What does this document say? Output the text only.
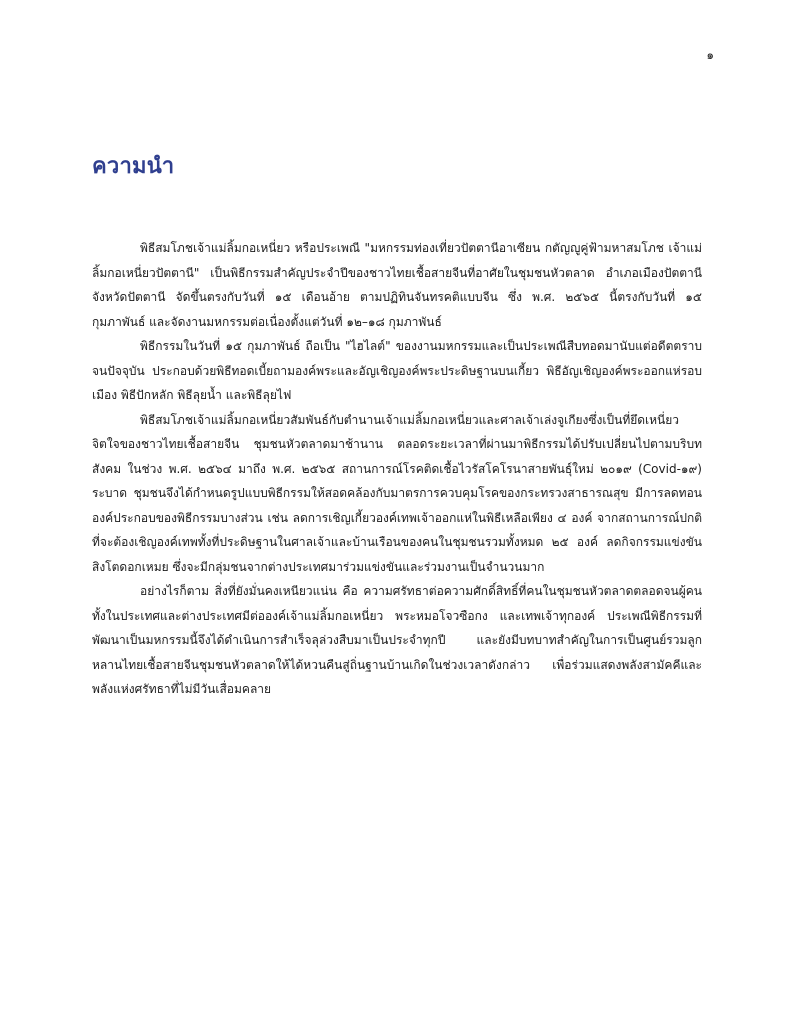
๑
ความนำ

พิธีสมโภชเจ้าแม่ลิ้มกอเหนี่ยว หรือประเพณี "มหกรรมท่องเที่ยวปัตตานีอาเซียน กตัญญูคู่ฟ้ามหาสมโภช เจ้าแม่ลิ้มกอเหนี่ยวปัตตานี" เป็นพิธีกรรมสำคัญประจำปีของชาวไทยเชื้อสายจีนที่อาศัยในชุมชนหัวตลาด อำเภอเมืองปัตตานี จังหวัดปัตตานี จัดขึ้นตรงกับวันที่ ๑๕ เดือนอ้าย ตามปฏิทินจันทรคติแบบจีน ซึ่ง พ.ศ. ๒๕๖๕ นี้ตรงกับวันที่ ๑๕ กุมภาพันธ์ และจัดงานมหกรรมต่อเนื่องตั้งแต่วันที่ ๑๒–๑๘ กุมภาพันธ์

พิธีกรรมในวันที่ ๑๕ กุมภาพันธ์ ถือเป็น "ไฮไลต์" ของงานมหกรรมและเป็นประเพณีสืบทอดมานับแต่อดีตตราบจนปัจจุบัน ประกอบด้วยพิธีทอดเบี้ยถามองค์พระและอัญเชิญองค์พระประดิษฐานบนเกี้ยว พิธีอัญเชิญองค์พระออกแห่รอบเมือง พิธีปักหลัก พิธีลุยน้ำ และพิธีลุยไฟ

พิธีสมโภชเจ้าแม่ลิ้มกอเหนี่ยวสัมพันธ์กับตำนานเจ้าแม่ลิ้มกอเหนี่ยวและศาลเจ้าเล่งจูเกียงซึ่งเป็นที่ยึดเหนี่ยวจิตใจของชาวไทยเชื้อสายจีน ชุมชนหัวตลาดมาช้านาน ตลอดระยะเวลาที่ผ่านมาพิธีกรรมได้ปรับเปลี่ยนไปตามบริบทสังคม ในช่วง พ.ศ. ๒๕๖๔ มาถึง พ.ศ. ๒๕๖๕ สถานการณ์โรคติดเชื้อไวรัสโคโรนาสายพันธุ์ใหม่ ๒๐๑๙ (Covid-๑๙) ระบาด ชุมชนจึงได้กำหนดรูปแบบพิธีกรรมให้สอดคล้องกับมาตรการควบคุมโรคของกระทรวงสาธารณสุข มีการลดทอนองค์ประกอบของพิธีกรรมบางส่วน เช่น ลดการเชิญเกี้ยวองค์เทพเจ้าออกแห่ในพิธีเหลือเพียง ๔ องค์ จากสถานการณ์ปกติที่จะต้องเชิญองค์เทพทั้งที่ประดิษฐานในศาลเจ้าและบ้านเรือนของคนในชุมชนรวมทั้งหมด ๒๕ องค์ ลดกิจกรรมแข่งขันสิงโตดอกเหมย ซึ่งจะมีกลุ่มชนจากต่างประเทศมาร่วมแข่งขันและร่วมงานเป็นจำนวนมาก

อย่างไรก็ตาม สิ่งที่ยังมั่นคงเหนียวแน่น คือ ความศรัทธาต่อความศักดิ์สิทธิ์ที่คนในชุมชนหัวตลาดตลอดจนผู้คนทั้งในประเทศและต่างประเทศมีต่อองค์เจ้าแม่ลิ้มกอเหนี่ยว พระหมอโจวซือกง และเทพเจ้าทุกองค์ ประเพณีพิธีกรรมที่พัฒนาเป็นมหกรรมนี้จึงได้ดำเนินการสำเร็จลุล่วงสืบมาเป็นประจำทุกปี และยังมีบทบาทสำคัญในการเป็นศูนย์รวมลูกหลานไทยเชื้อสายจีนชุมชนหัวตลาดให้ได้หวนคืนสู่ถิ่นฐานบ้านเกิดในช่วงเวลาดังกล่าว เพื่อร่วมแสดงพลังสามัคคีและพลังแห่งศรัทธาที่ไม่มีวันเสื่อมคลาย
